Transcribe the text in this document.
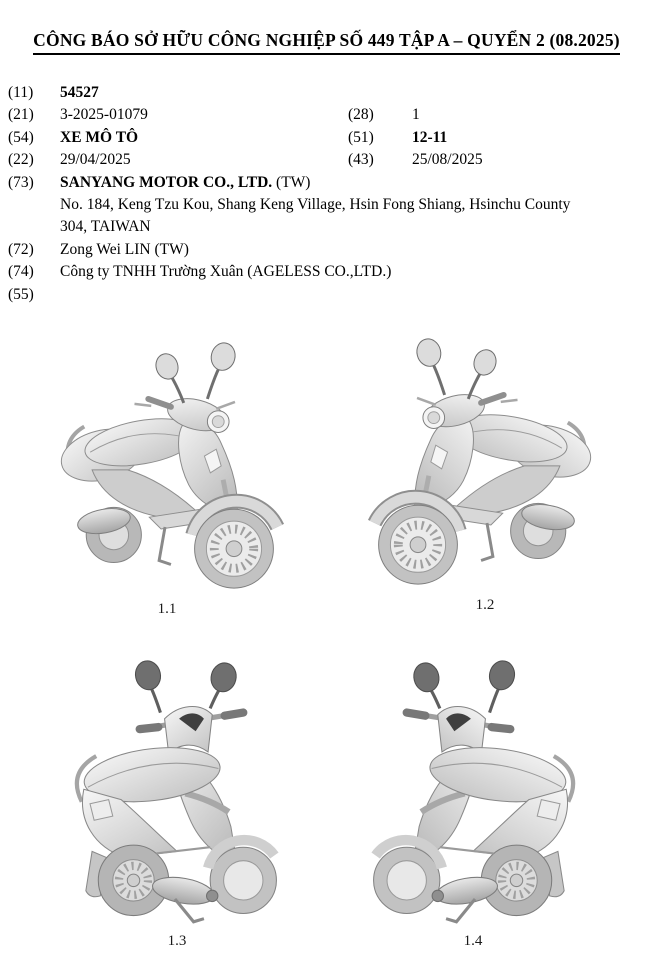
CÔNG BÁO SỞ HỮU CÔNG NGHIỆP SỐ 449 TẬP A – QUYỂN 2 (08.2025)
(11)	54527
(21)	3-2025-01079	(28)	1
(54)	XE MÔ TÔ	(51)	12-11
(22)	29/04/2025	(43)	25/08/2025
(73)	SANYANG MOTOR CO., LTD. (TW)
No. 184, Keng Tzu Kou, Shang Keng Village, Hsin Fong Shiang, Hsinchu County
304, TAIWAN
(72)	Zong Wei LIN (TW)
(74)	Công ty TNHH Trường Xuân (AGELESS CO.,LTD.)
(55)
1.1	1.2
1.3	1.4
